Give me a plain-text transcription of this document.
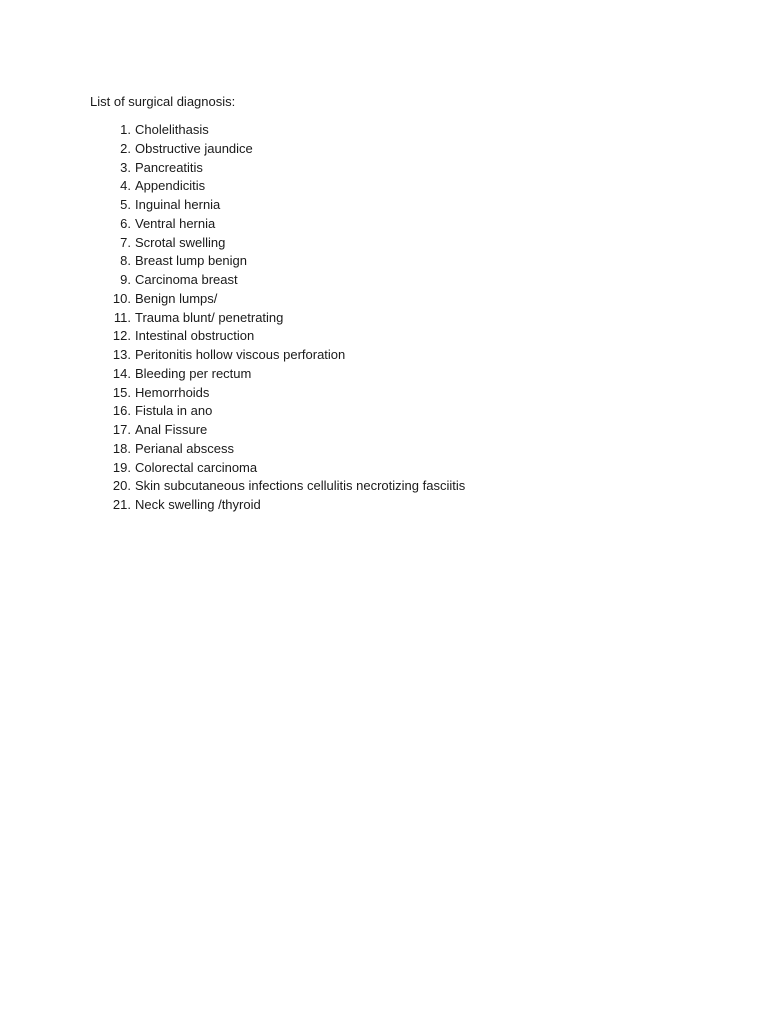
List of surgical diagnosis:
1. Cholelithasis
2. Obstructive jaundice
3. Pancreatitis
4. Appendicitis
5. Inguinal hernia
6. Ventral hernia
7. Scrotal swelling
8. Breast lump benign
9. Carcinoma breast
10. Benign lumps/
11. Trauma blunt/ penetrating
12. Intestinal obstruction
13. Peritonitis hollow viscous perforation
14. Bleeding per rectum
15. Hemorrhoids
16. Fistula in ano
17. Anal Fissure
18. Perianal abscess
19. Colorectal carcinoma
20. Skin subcutaneous infections cellulitis necrotizing fasciitis
21. Neck swelling /thyroid
